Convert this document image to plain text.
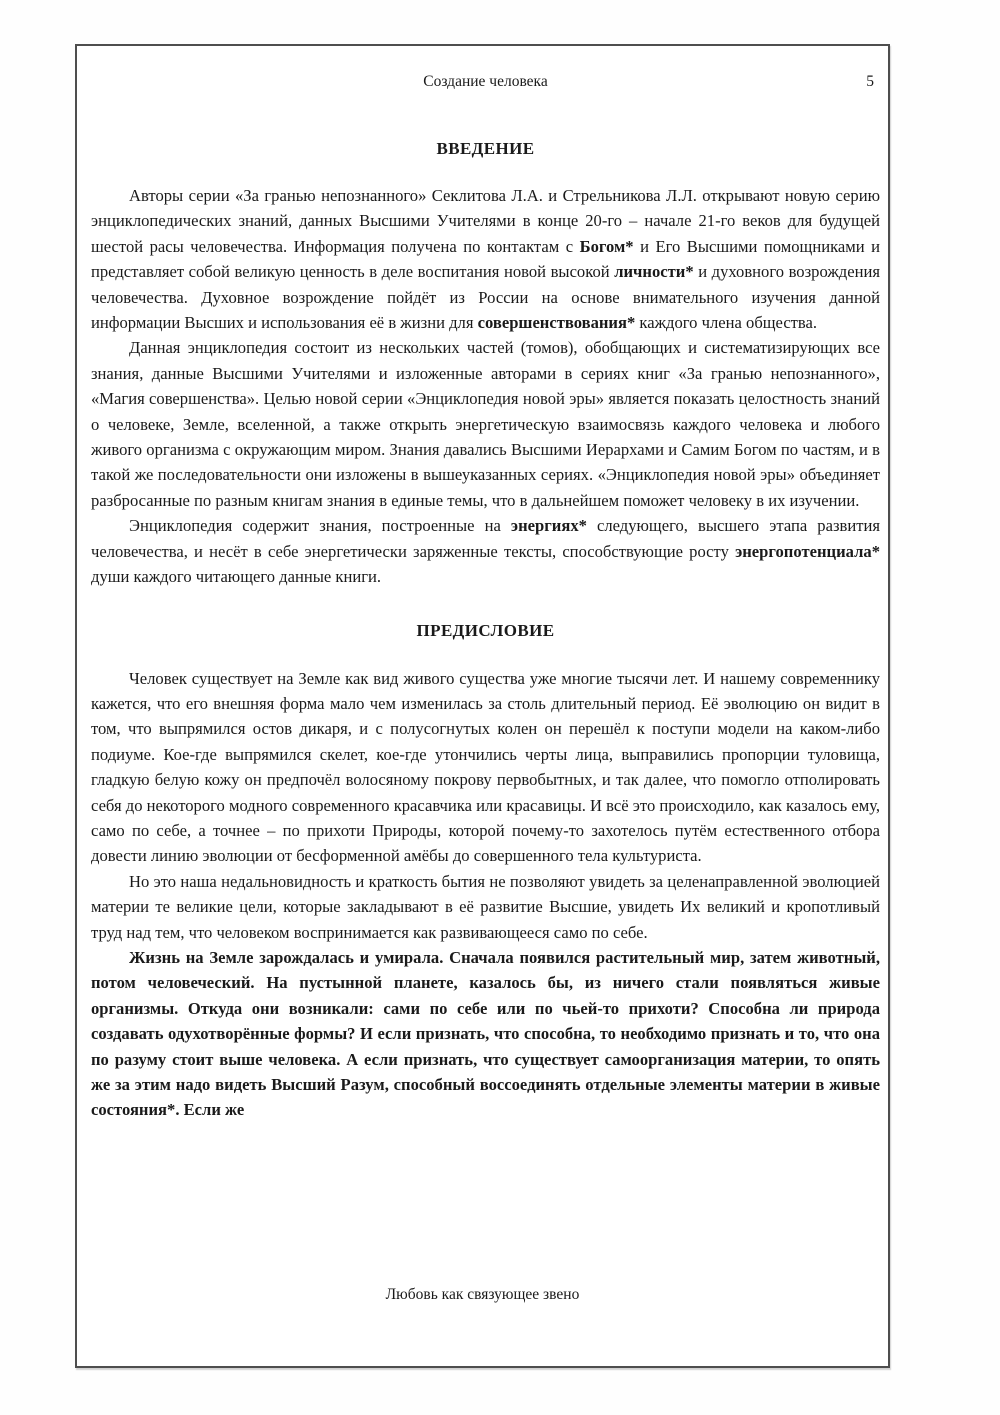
Создание человека	5
ВВЕДЕНИЕ

Авторы серии «За гранью непознанного» Секлитова Л.А. и Стрельникова Л.Л. открывают новую серию энциклопедических знаний, данных Высшими Учителями в конце 20-го – начале 21-го веков для будущей шестой расы человечества. Информация получена по контактам с Богом* и Его Высшими помощниками и представляет собой великую ценность в деле воспитания новой высокой личности* и духовного возрождения человечества. Духовное возрождение пойдёт из России на основе внимательного изучения данной информации Высших и использования её в жизни для совершенствования* каждого члена общества.

Данная энциклопедия состоит из нескольких частей (томов), обобщающих и систематизирующих все знания, данные Высшими Учителями и изложенные авторами в сериях книг «За гранью непознанного», «Магия совершенства». Целью новой серии «Энциклопедия новой эры» является показать целостность знаний о человеке, Земле, вселенной, а также открыть энергетическую взаимосвязь каждого человека и любого живого организма с окружающим миром. Знания давались Высшими Иерархами и Самим Богом по частям, и в такой же последовательности они изложены в вышеуказанных сериях. «Энциклопедия новой эры» объединяет разбросанные по разным книгам знания в единые темы, что в дальнейшем поможет человеку в их изучении.

Энциклопедия содержит знания, построенные на энергиях* следующего, высшего этапа развития человечества, и несёт в себе энергетически заряженные тексты, способствующие росту энергопотенциала* души каждого читающего данные книги.

ПРЕДИСЛОВИЕ

Человек существует на Земле как вид живого существа уже многие тысячи лет. И нашему современнику кажется, что его внешняя форма мало чем изменилась за столь длительный период. Её эволюцию он видит в том, что выпрямился остов дикаря, и с полусогнутых колен он перешёл к поступи модели на каком-либо подиуме. Кое-где выпрямился скелет, кое-где утончились черты лица, выправились пропорции туловища, гладкую белую кожу он предпочёл волосяному покрову первобытных, и так далее, что помогло отполировать себя до некоторого модного современного красавчика или красавицы. И всё это происходило, как казалось ему, само по себе, а точнее – по прихоти Природы, которой почему-то захотелось путём естественного отбора довести линию эволюции от бесформенной амёбы до совершенного тела культуриста.

Но это наша недальновидность и краткость бытия не позволяют увидеть за целенаправленной эволюцией материи те великие цели, которые закладывают в её развитие Высшие, увидеть Их великий и кропотливый труд над тем, что человеком воспринимается как развивающееся само по себе.

Жизнь на Земле зарождалась и умирала. Сначала появился растительный мир, затем животный, потом человеческий. На пустынной планете, казалось бы, из ничего стали появляться живые организмы. Откуда они возникали: сами по себе или по чьей-то прихоти? Способна ли природа создавать одухотворённые формы? И если признать, что способна, то необходимо признать и то, что она по разуму стоит выше человека. А если признать, что существует самоорганизация материи, то опять же за этим надо видеть Высший Разум, способный воссоединять отдельные элементы материи в живые состояния*. Если же

Любовь как связующее звено
